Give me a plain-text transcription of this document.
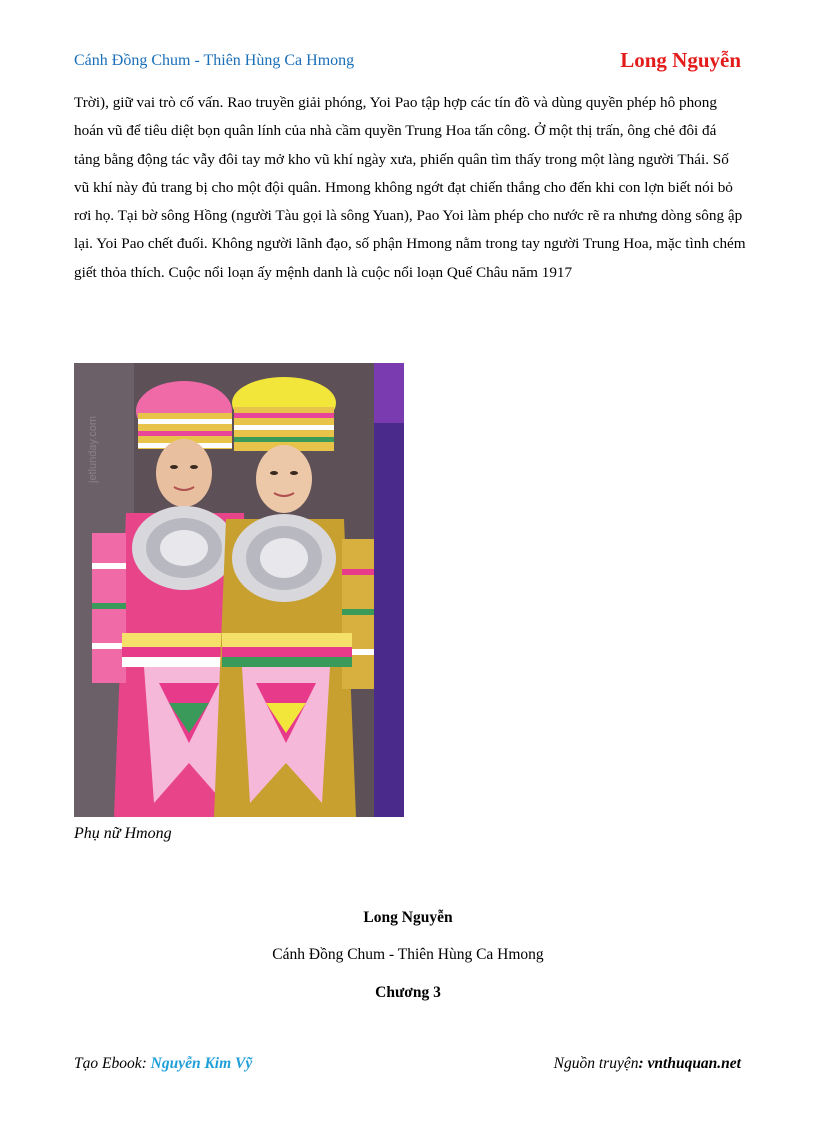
Cánh Đồng Chum - Thiên Hùng Ca Hmong	Long Nguyễn

Trời), giữ vai trò cố vấn. Rao truyền giải phóng, Yoi Pao tập hợp các tín đồ và dùng quyền phép hô phong hoán vũ để tiêu diệt bọn quân lính của nhà cầm quyền Trung Hoa tấn công. Ở một thị trấn, ông chẻ đôi đá tảng bằng động tác vẫy đôi tay mở kho vũ khí ngày xưa, phiến quân tìm thấy trong một làng người Thái. Số vũ khí này đủ trang bị cho một đội quân. Hmong không ngớt đạt chiến thắng cho đến khi con lợn biết nói bỏ rơi họ. Tại bờ sông Hồng (người Tàu gọi là sông Yuan), Pao Yoi làm phép cho nước rẽ ra nhưng dòng sông ập lại. Yoi Pao chết đuối. Không người lãnh đạo, số phận Hmong nằm trong tay người Trung Hoa, mặc tình chém giết thỏa thích. Cuộc nổi loạn ấy mệnh danh là cuộc nổi loạn Quế Châu năm 1917

jetlunday.com
Phụ nữ Hmong
Long Nguyễn
Cánh Đồng Chum - Thiên Hùng Ca Hmong
Chương 3
Tạo Ebook: Nguyễn Kim Vỹ	Nguồn truyện: vnthuquan.net
